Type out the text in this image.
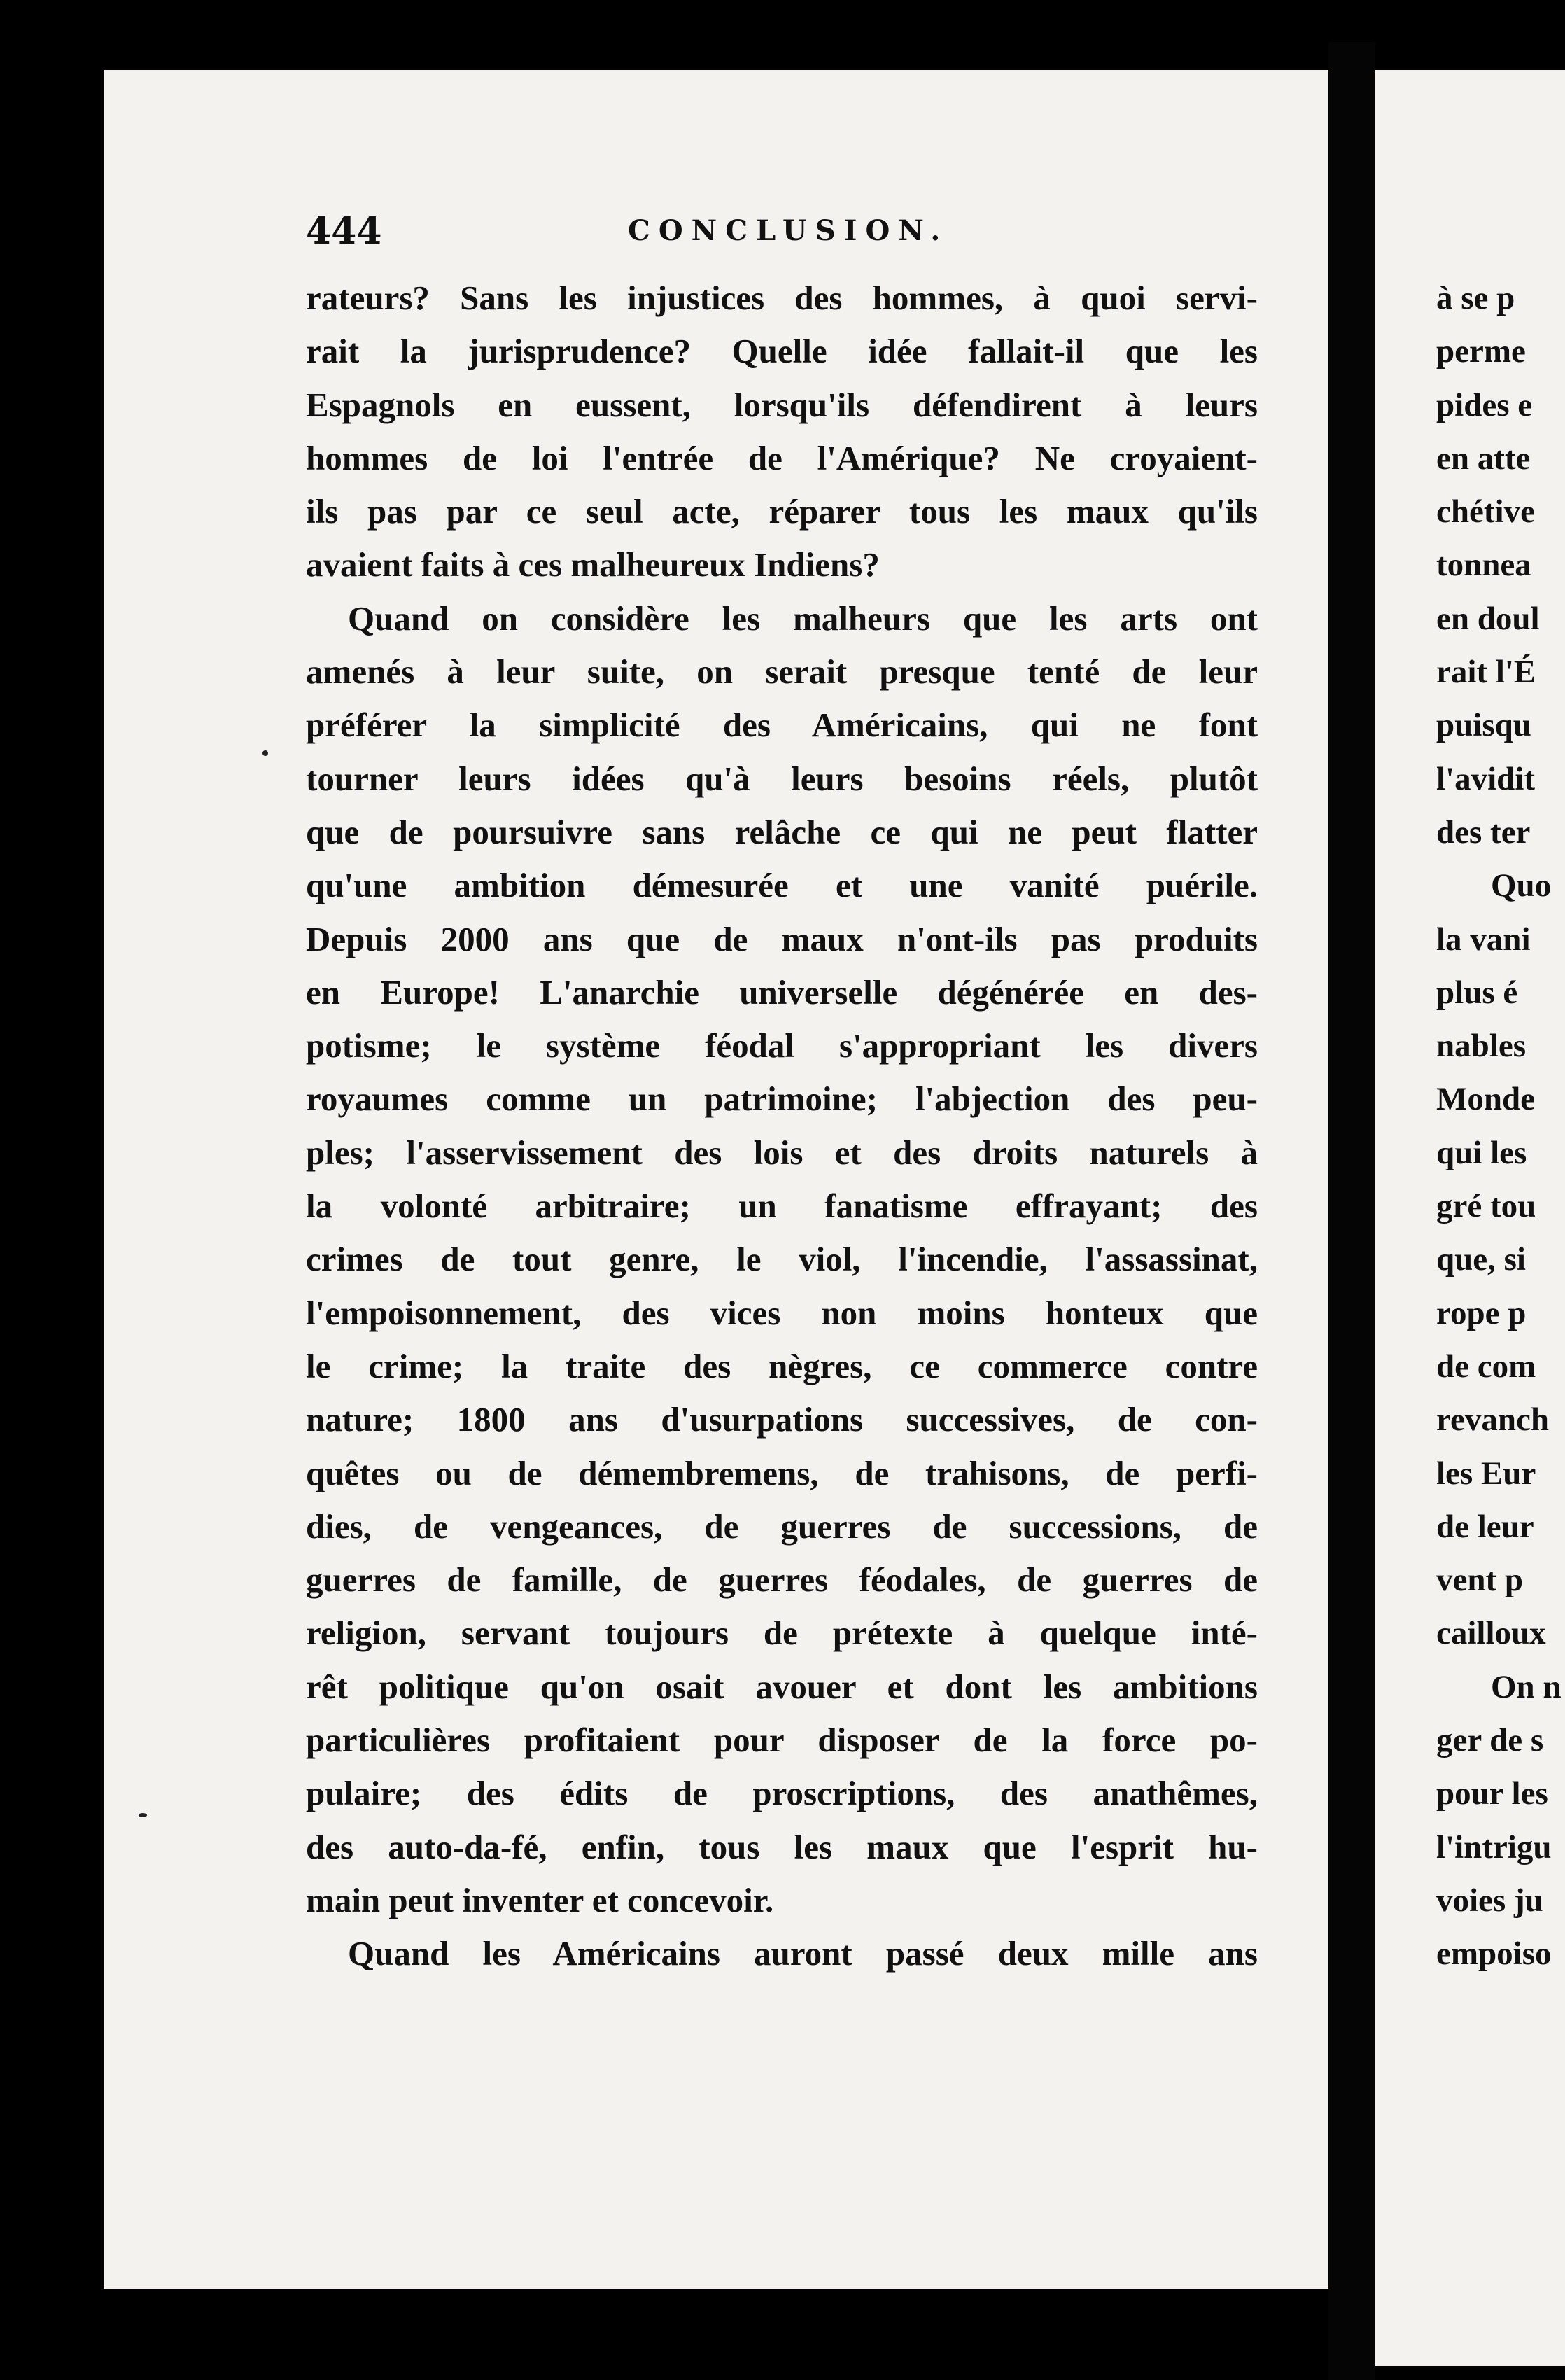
444	CONCLUSION.
rateurs? Sans les injustices des hommes, à quoi servi-
rait la jurisprudence? Quelle idée fallait-il que les
Espagnols en eussent, lorsqu'ils défendirent à leurs
hommes de loi l'entrée de l'Amérique? Ne croyaient-
ils pas par ce seul acte, réparer tous les maux qu'ils
avaient faits à ces malheureux Indiens?
Quand on considère les malheurs que les arts ont
amenés à leur suite, on serait presque tenté de leur
préférer la simplicité des Américains, qui ne font
tourner leurs idées qu'à leurs besoins réels, plutôt
que de poursuivre sans relâche ce qui ne peut flatter
qu'une ambition démesurée et une vanité puérile.
Depuis 2000 ans que de maux n'ont-ils pas produits
en Europe! L'anarchie universelle dégénérée en des-
potisme; le système féodal s'appropriant les divers
royaumes comme un patrimoine; l'abjection des peu-
ples; l'asservissement des lois et des droits naturels à
la volonté arbitraire; un fanatisme effrayant; des
crimes de tout genre, le viol, l'incendie, l'assassinat,
l'empoisonnement, des vices non moins honteux que
le crime; la traite des nègres, ce commerce contre
nature; 1800 ans d'usurpations successives, de con-
quêtes ou de démembremens, de trahisons, de perfi-
dies, de vengeances, de guerres de successions, de
guerres de famille, de guerres féodales, de guerres de
religion, servant toujours de prétexte à quelque inté-
rêt politique qu'on osait avouer et dont les ambitions
particulières profitaient pour disposer de la force po-
pulaire; des édits de proscriptions, des anathêmes,
des auto-da-fé, enfin, tous les maux que l'esprit hu-
main peut inventer et concevoir.
Quand les Américains auront passé deux mille ans
à se p
perme
pides e
en atte
chétive
tonnea
en doul
rait l'É
puisqu
l'avidit
des ter
Quo
la vani
plus é
nables
Monde
qui les
gré tou
que, si
rope p
de com
revanch
les Eur
de leur
vent p
cailloux
On n
ger de s
pour les
l'intrigu
voies ju
empoiso
